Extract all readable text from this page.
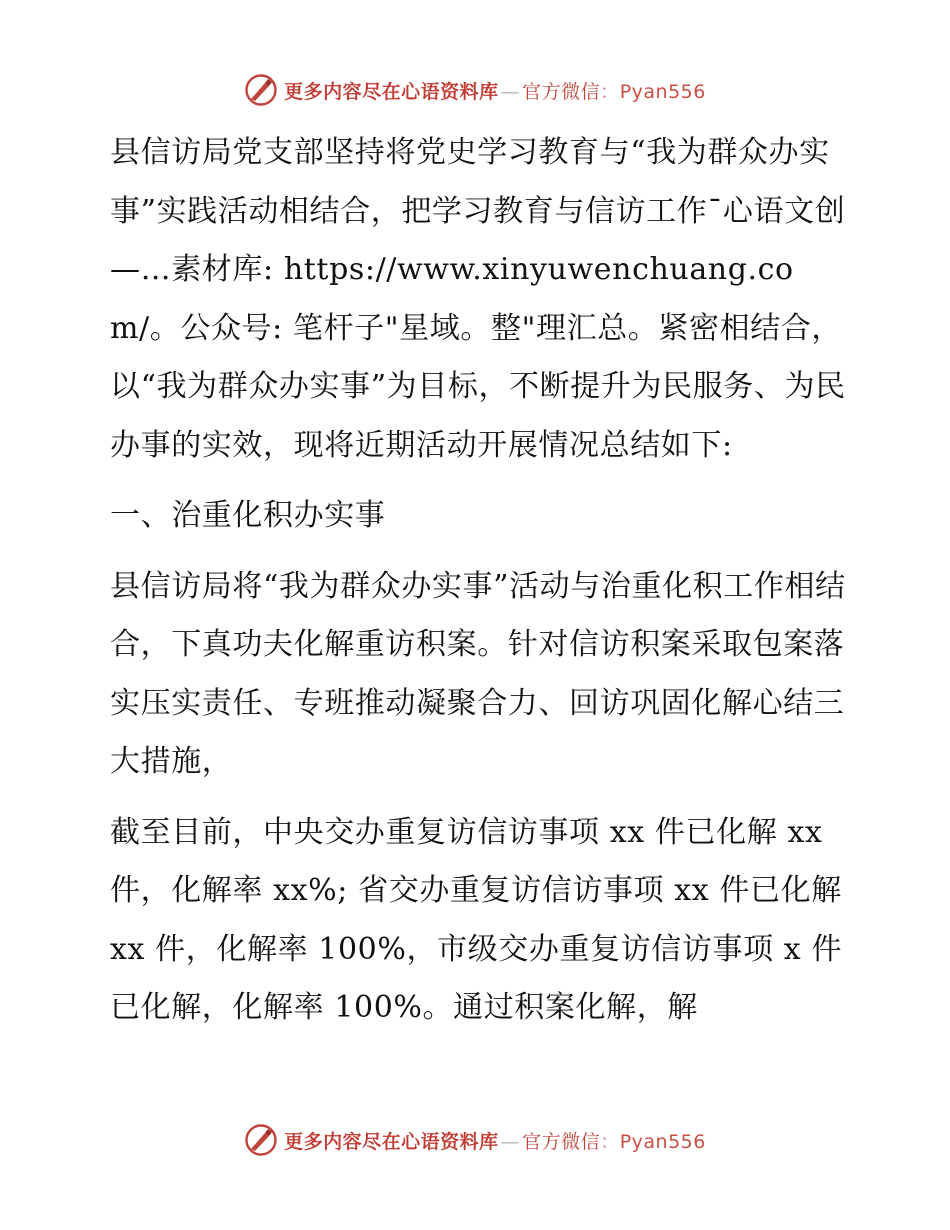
更多内容尽在心语资料库 — 官方微信：Pyan556

县信访局党支部坚持将党史学习教育与“我为群众办实事”实践活动相结合，把学习教育与信访工作¯心语文创—…素材库: https://www.xinyuwenchuang.com/。公众号: 笔杆子"星域。整"理汇总。紧密相结合，以“我为群众办实事”为目标，不断提升为民服务、为民办事的实效，现将近期活动开展情况总结如下:

一、治重化积办实事

县信访局将“我为群众办实事”活动与治重化积工作相结合，下真功夫化解重访积案。针对信访积案采取包案落实压实责任、专班推动凝聚合力、回访巩固化解心结三大措施，

截至目前，中央交办重复访信访事项 xx 件已化解 xx 件，化解率 xx%; 省交办重复访信访事项 xx 件已化解 xx 件，化解率 100%，市级交办重复访信访事项 x 件已化解，化解率 100%。通过积案化解，解

更多内容尽在心语资料库 — 官方微信：Pyan556
